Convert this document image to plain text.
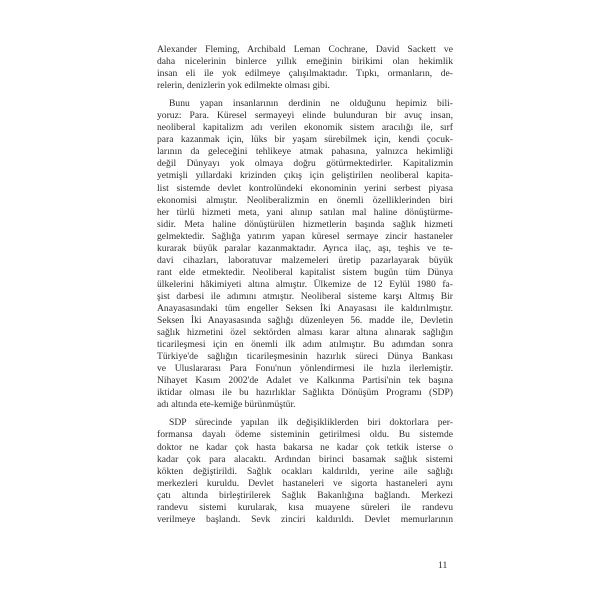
Alexander Fleming, Archibald Leman Cochrane, David Sackett ve
daha nicelerinin binlerce yıllık emeğinin birikimi olan hekimlik
insan eli ile yok edilmeye çalışılmaktadır. Tıpkı, ormanların, de-
relerin, denizlerin yok edilmekte olması gibi.
Bunu yapan insanlarının derdinin ne olduğunu hepimiz bili-
yoruz: Para. Küresel sermayeyi elinde bulunduran bir avuç insan,
neoliberal kapitalizm adı verilen ekonomik sistem aracılığı ile, sırf
para kazanmak için, lüks bir yaşam sürebilmek için, kendi çocuk-
larının da geleceğini tehlikeye atmak pahasına, yalnızca hekimliği
değil Dünyayı yok olmaya doğru götürmektedirler. Kapitalizmin
yetmişli yıllardaki krizinden çıkış için geliştirilen neoliberal kapita-
list sistemde devlet kontrolündeki ekonominin yerini serbest piyasa
ekonomisi almıştır. Neoliberalizmin en önemli özelliklerinden biri
her türlü hizmeti meta, yani alınıp satılan mal haline dönüştürme-
sidir. Meta haline dönüştürülen hizmetlerin başında sağlık hizmeti
gelmektedir. Sağlığa yatırım yapan küresel sermaye zincir hastaneler
kurarak büyük paralar kazanmaktadır. Ayrıca ilaç, aşı, teşhis ve te-
davi cihazları, laboratuvar malzemeleri üretip pazarlayarak büyük
rant elde etmektedir. Neoliberal kapitalist sistem bugün tüm Dünya
ülkelerini hâkimiyeti altına almıştır. Ülkemize de 12 Eylül 1980 fa-
şist darbesi ile adımını atmıştır. Neoliberal sisteme karşı Altmış Bir
Anayasasındaki tüm engeller Seksen İki Anayasası ile kaldırılmıştır.
Seksen İki Anayasasında sağlığı düzenleyen 56. madde ile, Devletin
sağlık hizmetini özel sektörden alması karar altına alınarak sağlığın
ticarileşmesi için en önemli ilk adım atılmıştır. Bu adımdan sonra
Türkiye'de sağlığın ticarileşmesinin hazırlık süreci Dünya Bankası
ve Uluslararası Para Fonu'nun yönlendirmesi ile hızla ilerlemiştir.
Nihayet Kasım 2002'de Adalet ve Kalkınma Partisi'nin tek başına
iktidar olması ile bu hazırlıklar Sağlıkta Dönüşüm Programı (SDP)
adı altında ete-kemiğe bürünmüştür.
SDP sürecinde yapılan ilk değişikliklerden biri doktorlara per-
formansa dayalı ödeme sisteminin getirilmesi oldu. Bu sistemde
doktor ne kadar çok hasta bakarsa ne kadar çok tetkik isterse o
kadar çok para alacaktı. Ardından birinci basamak sağlık sistemi
kökten değiştirildi. Sağlık ocakları kaldırıldı, yerine aile sağlığı
merkezleri kuruldu. Devlet hastaneleri ve sigorta hastaneleri aynı
çatı altında birleştirilerek Sağlık Bakanlığına bağlandı. Merkezi
randevu sistemi kurularak, kısa muayene süreleri ile randevu
verilmeye başlandı. Sevk zinciri kaldırıldı. Devlet memurlarının
11
